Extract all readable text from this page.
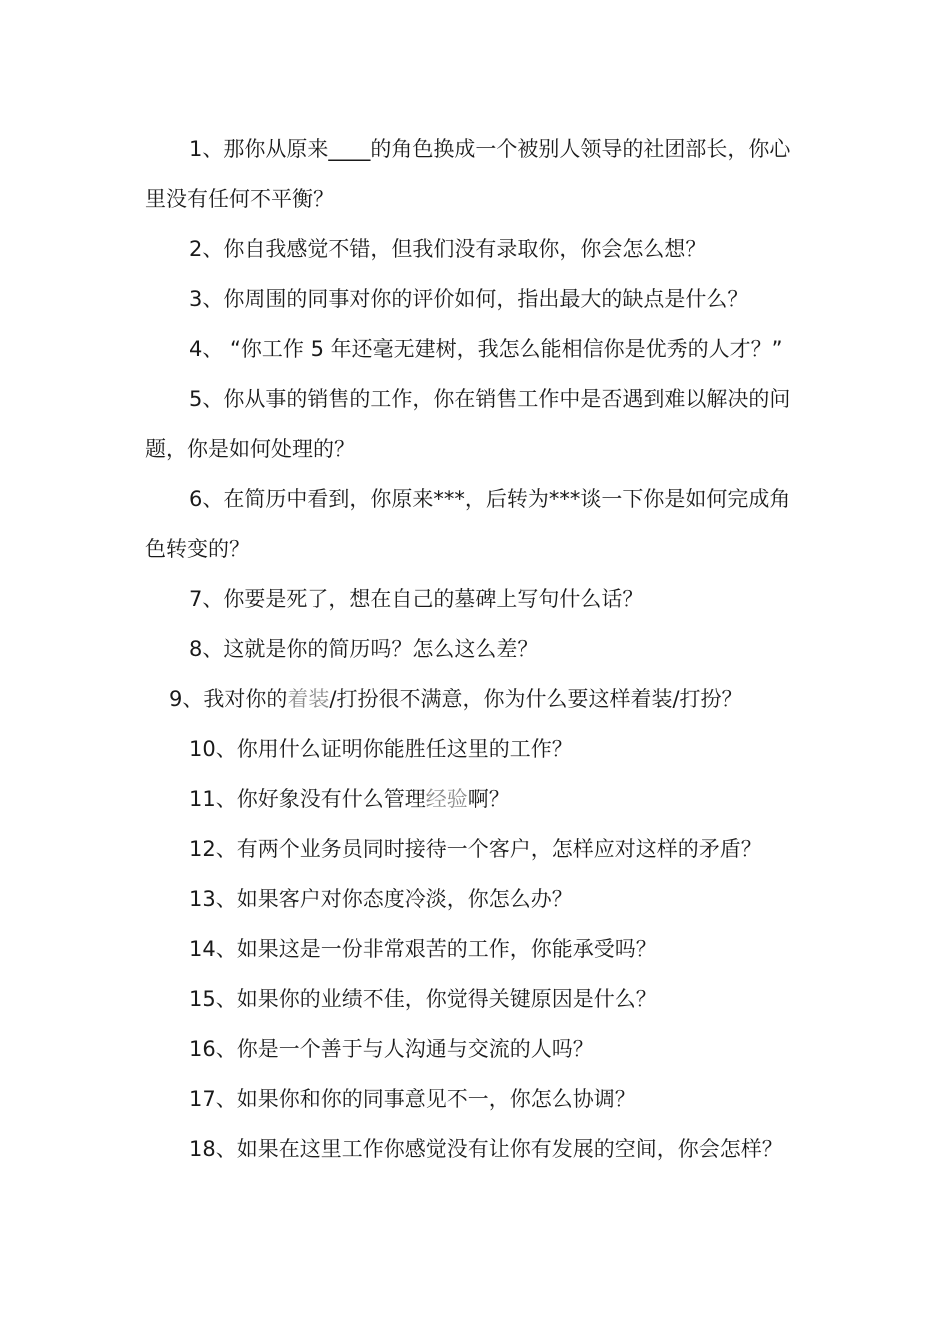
1、那你从原来____的角色换成一个被别人领导的社团部长，你心里没有任何不平衡？

2、你自我感觉不错，但我们没有录取你，你会怎么想？

3、你周围的同事对你的评价如何，指出最大的缺点是什么？

4、 “你工作 5 年还毫无建树，我怎么能相信你是优秀的人才？”

5、你从事的销售的工作，你在销售工作中是否遇到难以解决的问题，你是如何处理的？

6、在简历中看到，你原来***，后转为***谈一下你是如何完成角色转变的？

7、你要是死了，想在自己的墓碑上写句什么话？

8、这就是你的简历吗？怎么这么差？

9、我对你的着装/打扮很不满意，你为什么要这样着装/打扮？

10、你用什么证明你能胜任这里的工作？

11、你好象没有什么管理经验啊？

12、有两个业务员同时接待一个客户，怎样应对这样的矛盾？

13、如果客户对你态度冷淡，你怎么办？

14、如果这是一份非常艰苦的工作，你能承受吗？

15、如果你的业绩不佳，你觉得关键原因是什么？

16、你是一个善于与人沟通与交流的人吗？

17、如果你和你的同事意见不一，你怎么协调？

18、如果在这里工作你感觉没有让你有发展的空间，你会怎样？
